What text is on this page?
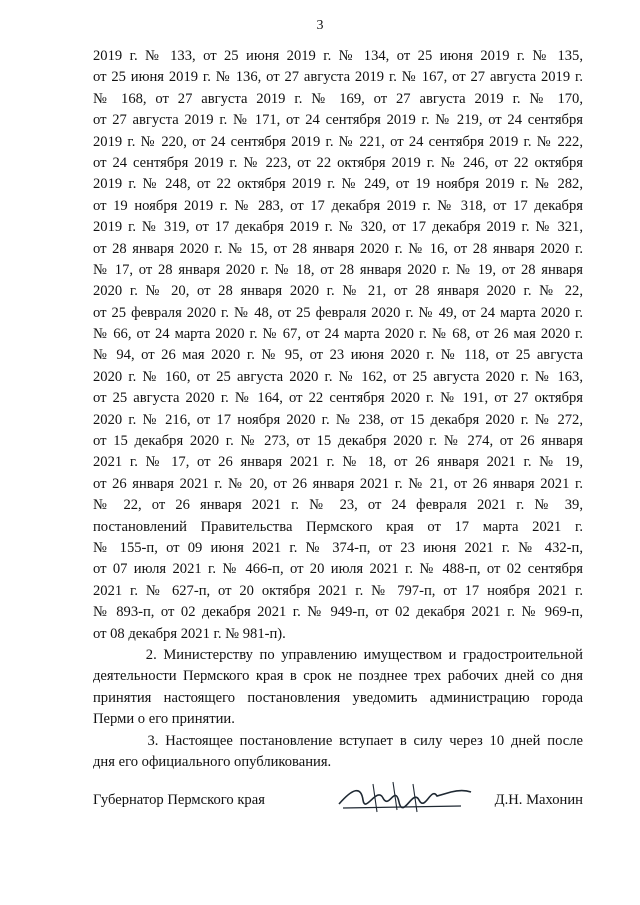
3
2019 г. № 133, от 25 июня 2019 г. № 134, от 25 июня 2019 г. № 135,
от 25 июня 2019 г. № 136, от 27 августа 2019 г. № 167, от 27 августа 2019 г.
№ 168, от 27 августа 2019 г. № 169, от 27 августа 2019 г. № 170,
от 27 августа 2019 г. № 171, от 24 сентября 2019 г. № 219, от 24 сентября
2019 г. № 220, от 24 сентября 2019 г. № 221, от 24 сентября 2019 г. № 222,
от 24 сентября 2019 г. № 223, от 22 октября 2019 г. № 246, от 22 октября
2019 г. № 248, от 22 октября 2019 г. № 249, от 19 ноября 2019 г. № 282,
от 19 ноября 2019 г. № 283, от 17 декабря 2019 г. № 318, от 17 декабря
2019 г. № 319, от 17 декабря 2019 г. № 320, от 17 декабря 2019 г. № 321,
от 28 января 2020 г. № 15, от 28 января 2020 г. № 16, от 28 января 2020 г.
№ 17, от 28 января 2020 г. № 18, от 28 января 2020 г. № 19, от 28 января
2020 г. № 20, от 28 января 2020 г. № 21, от 28 января 2020 г. № 22,
от 25 февраля 2020 г. № 48, от 25 февраля 2020 г. № 49, от 24 марта 2020 г.
№ 66, от 24 марта 2020 г. № 67, от 24 марта 2020 г. № 68, от 26 мая 2020 г.
№ 94, от 26 мая 2020 г. № 95, от 23 июня 2020 г. № 118, от 25 августа
2020 г. № 160, от 25 августа 2020 г. № 162, от 25 августа 2020 г. № 163,
от 25 августа 2020 г. № 164, от 22 сентября 2020 г. № 191, от 27 октября
2020 г. № 216, от 17 ноября 2020 г. № 238, от 15 декабря 2020 г. № 272,
от 15 декабря 2020 г. № 273, от 15 декабря 2020 г. № 274, от 26 января
2021 г. № 17, от 26 января 2021 г. № 18, от 26 января 2021 г. № 19,
от 26 января 2021 г. № 20, от 26 января 2021 г. № 21, от 26 января 2021 г.
№ 22, от 26 января 2021 г. № 23, от 24 февраля 2021 г. № 39,
постановлений Правительства Пермского края от 17 марта 2021 г.
№ 155-п, от 09 июня 2021 г. № 374-п, от 23 июня 2021 г. № 432-п,
от 07 июля 2021 г. № 466-п, от 20 июля 2021 г. № 488-п, от 02 сентября
2021 г. № 627-п, от 20 октября 2021 г. № 797-п, от 17 ноября 2021 г.
№ 893-п, от 02 декабря 2021 г. № 949-п, от 02 декабря 2021 г. № 969-п,
от 08 декабря 2021 г. № 981-п).
2. Министерству по управлению имуществом и градостроительной
деятельности Пермского края в срок не позднее трех рабочих дней со дня
принятия настоящего постановления уведомить администрацию города
Перми о его принятии.
3. Настоящее постановление вступает в силу через 10 дней после
дня его официального опубликования.
Губернатор Пермского края	Д.Н. Махонин
